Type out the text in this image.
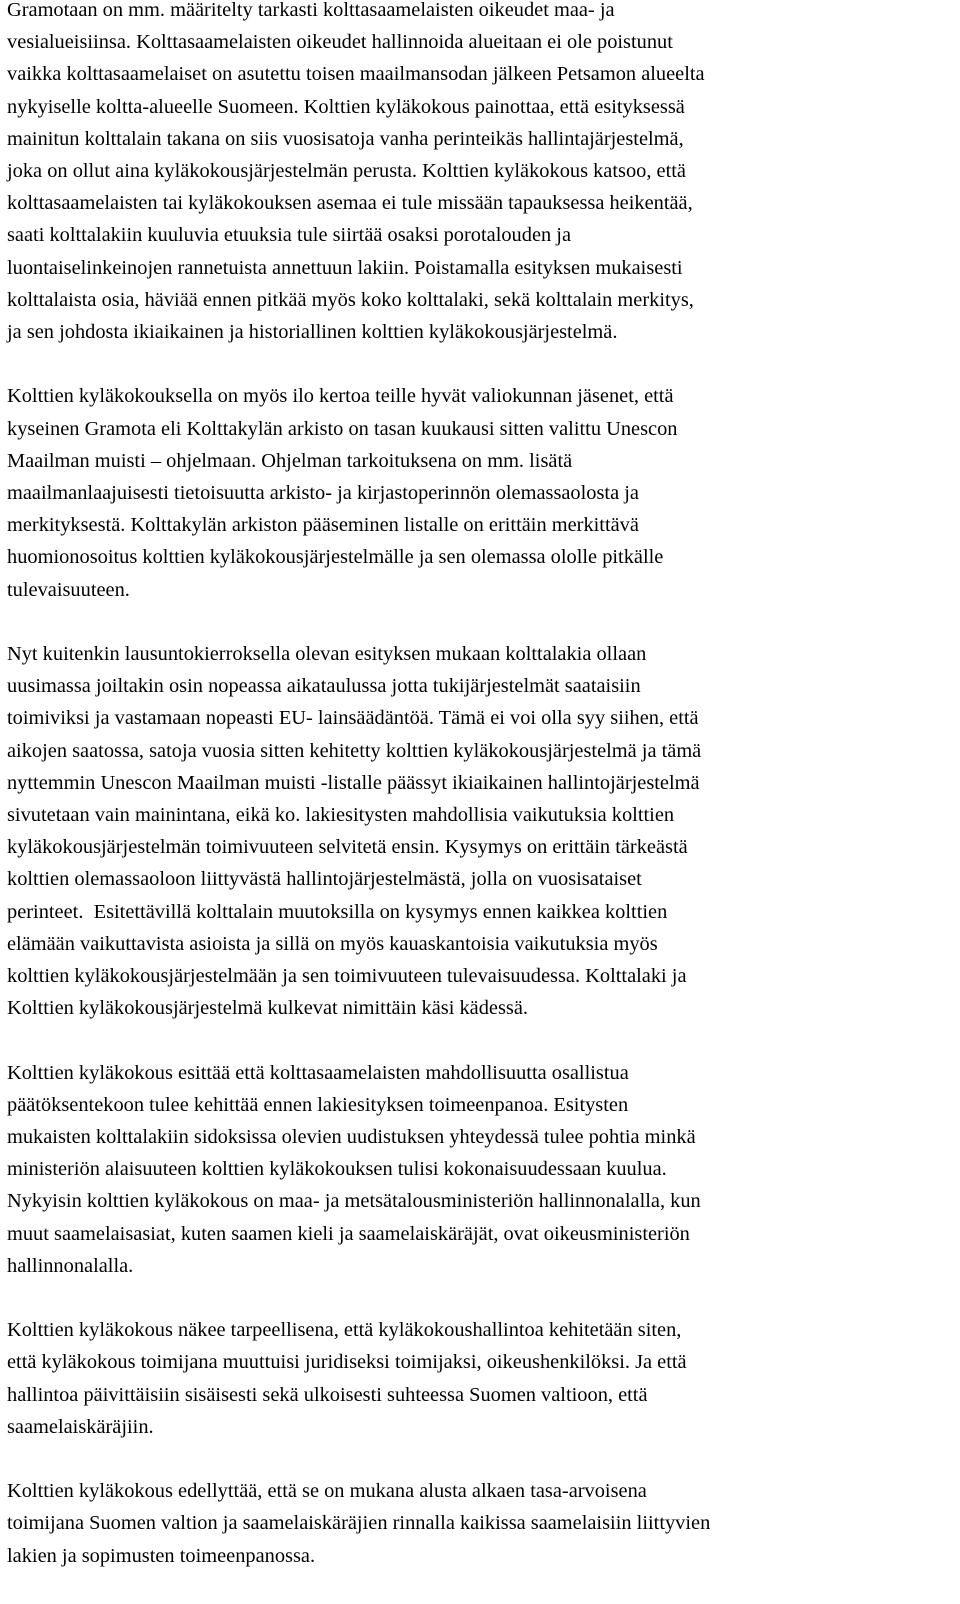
Gramotaan on mm. määritelty tarkasti kolttasaamelaisten oikeudet maa- ja
vesialueisiinsa. Kolttasaamelaisten oikeudet hallinnoida alueitaan ei ole poistunut
vaikka kolttasaamelaiset on asutettu toisen maailmansodan jälkeen Petsamon alueelta
nykyiselle koltta-alueelle Suomeen. Kolttien kyläkokous painottaa, että esityksessä
mainitun kolttalain takana on siis vuosisatoja vanha perinteikäs hallintajärjestelmä,
joka on ollut aina kyläkokousjärjestelmän perusta. Kolttien kyläkokous katsoo, että
kolttasaamelaisten tai kyläkokouksen asemaa ei tule missään tapauksessa heikentää,
saati kolttalakiin kuuluvia etuuksia tule siirtää osaksi porotalouden ja
luontaiselinkeinojen rannetuista annettuun lakiin. Poistamalla esityksen mukaisesti
kolttalaista osia, häviää ennen pitkää myös koko kolttalaki, sekä kolttalain merkitys,
ja sen johdosta ikiaikainen ja historiallinen kolttien kyläkokousjärjestelmä.

Kolttien kyläkokouksella on myös ilo kertoa teille hyvät valiokunnan jäsenet, että
kyseinen Gramota eli Kolttakylän arkisto on tasan kuukausi sitten valittu Unescon
Maailman muisti – ohjelmaan. Ohjelman tarkoituksena on mm. lisätä
maailmanlaajuisesti tietoisuutta arkisto- ja kirjastoperinnön olemassaolosta ja
merkityksestä. Kolttakylän arkiston pääseminen listalle on erittäin merkittävä
huomionosoitus kolttien kyläkokousjärjestelmälle ja sen olemassa ololle pitkälle
tulevaisuuteen.

Nyt kuitenkin lausuntokierroksella olevan esityksen mukaan kolttalakia ollaan
uusimassa joiltakin osin nopeassa aikataulussa jotta tukijärjestelmät saataisiin
toimiviksi ja vastamaan nopeasti EU- lainsäädäntöä. Tämä ei voi olla syy siihen, että
aikojen saatossa, satoja vuosia sitten kehitetty kolttien kyläkokousjärjestelmä ja tämä
nyttemmin Unescon Maailman muisti -listalle päässyt ikiaikainen hallintojärjestelmä
sivutetaan vain mainintana, eikä ko. lakiesitysten mahdollisia vaikutuksia kolttien
kyläkokousjärjestelmän toimivuuteen selvitetä ensin. Kysymys on erittäin tärkeästä
kolttien olemassaoloon liittyvästä hallintojärjestelmästä, jolla on vuosisataiset
perinteet.  Esitettävillä kolttalain muutoksilla on kysymys ennen kaikkea kolttien
elämään vaikuttavista asioista ja sillä on myös kauaskantoisia vaikutuksia myös
kolttien kyläkokousjärjestelmään ja sen toimivuuteen tulevaisuudessa. Kolttalaki ja
Kolttien kyläkokousjärjestelmä kulkevat nimittäin käsi kädessä.

Kolttien kyläkokous esittää että kolttasaamelaisten mahdollisuutta osallistua
päätöksentekoon tulee kehittää ennen lakiesityksen toimeenpanoa. Esitysten
mukaisten kolttalakiin sidoksissa olevien uudistuksen yhteydessä tulee pohtia minkä
ministeriön alaisuuteen kolttien kyläkokouksen tulisi kokonaisuudessaan kuulua.
Nykyisin kolttien kyläkokous on maa- ja metsätalousministeriön hallinnonalalla, kun
muut saamelaisasiat, kuten saamen kieli ja saamelaiskäräjät, ovat oikeusministeriön
hallinnonalalla.

Kolttien kyläkokous näkee tarpeellisena, että kyläkokoushallintoa kehitetään siten,
että kyläkokous toimijana muuttuisi juridiseksi toimijaksi, oikeushenkilöksi. Ja että
hallintoa päivittäisiin sisäisesti sekä ulkoisesti suhteessa Suomen valtioon, että
saamelaiskäräjiin.

Kolttien kyläkokous edellyttää, että se on mukana alusta alkaen tasa-arvoisena
toimijana Suomen valtion ja saamelaiskäräjien rinnalla kaikissa saamelaisiin liittyvien
lakien ja sopimusten toimeenpanossa.
